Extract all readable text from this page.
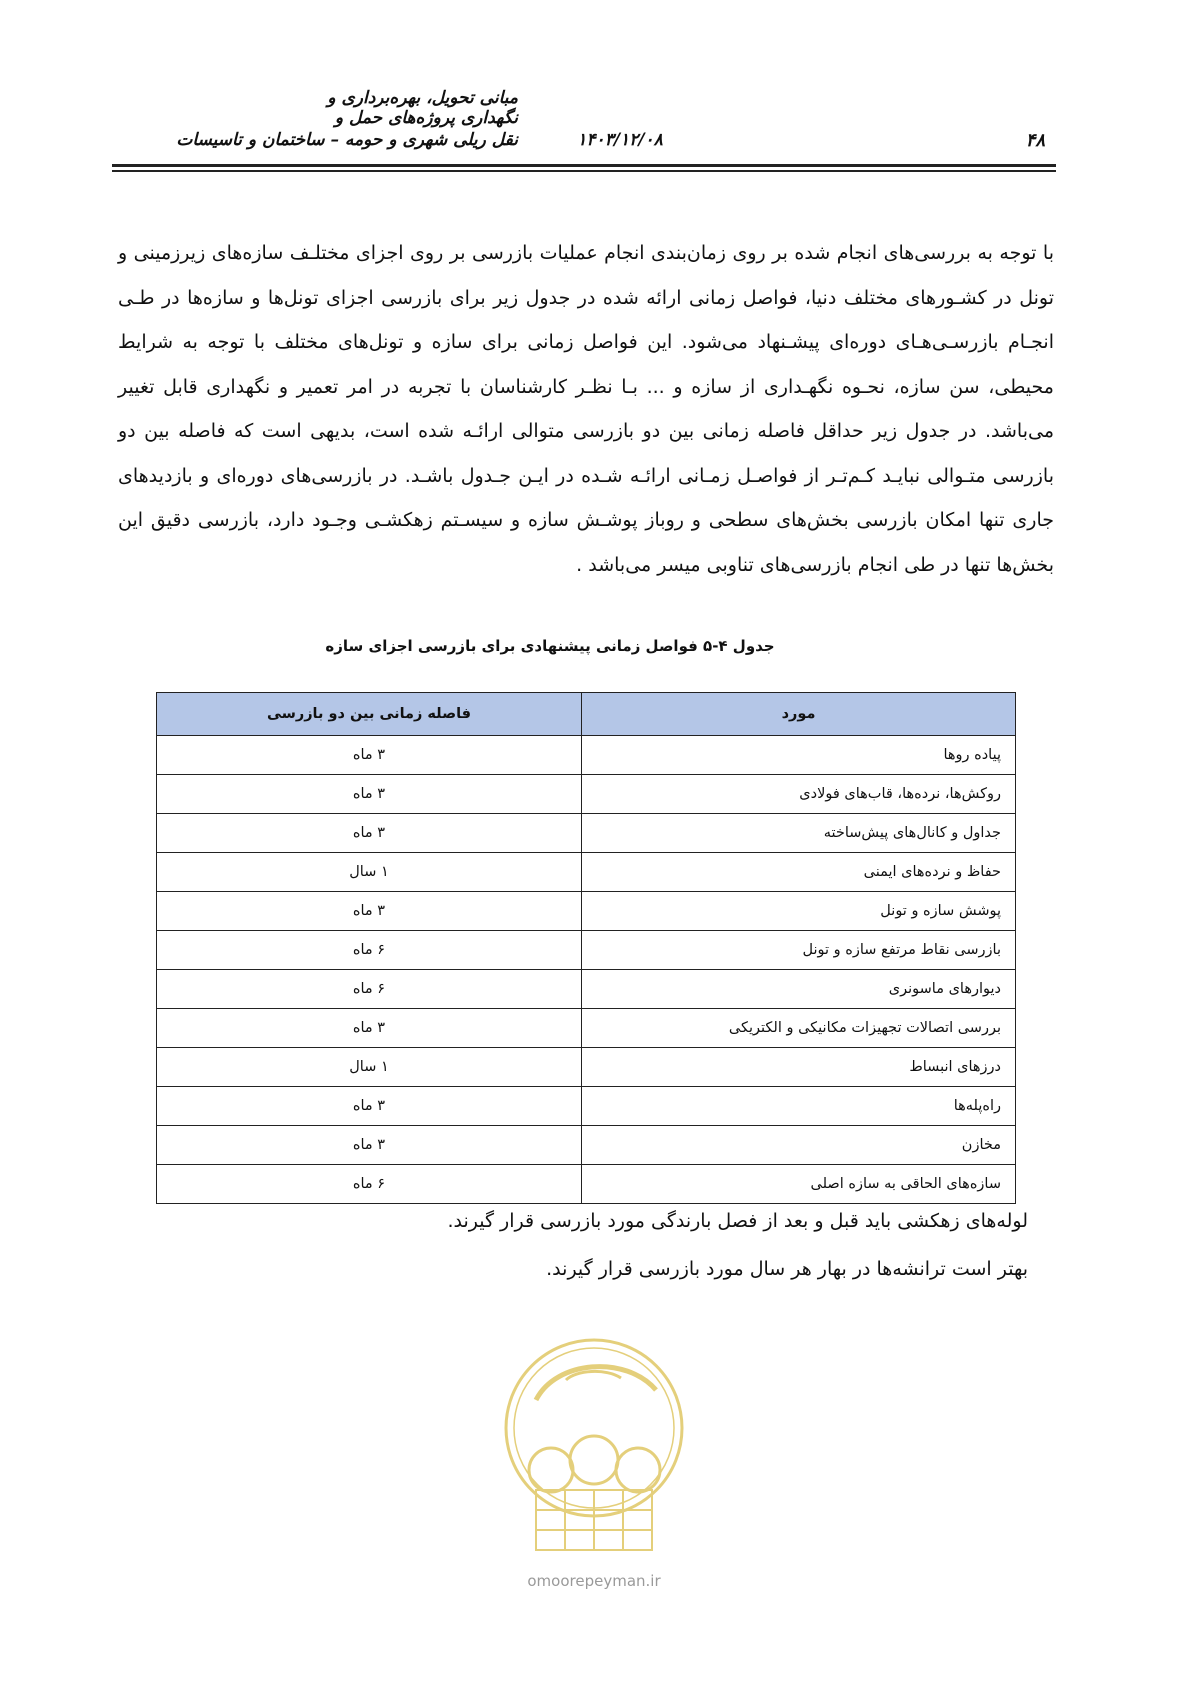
مبانی تحویل، بهره‌برداری و نگهداری پروژه‌های حمل و
نقل ریلی شهری و حومه – ساختمان و تاسیسات	۱۴۰۳/۱۲/۰۸	۴۸

با توجه به بررسی‌های انجام شده بر روی زمان‌بندی انجام عملیات بازرسی بر روی اجزای مختلـف سازه‌های زیرزمینی و تونل در کشـورهای مختلف دنیا، فواصل زمانی ارائه شده در جدول زیر برای بازرسی اجزای تونل‌ها و سازه‌ها در طـی انجـام بازرسـی‌هـای دوره‌ای پیشـنهاد می‌شود. این فواصل زمانی برای سازه و تونل‌های مختلف با توجه به شرایط محیطی، سن سازه، نحـوه نگهـداری از سازه و ... بـا نظـر کارشناسان با تجربه در امر تعمیر و نگهداری قابل تغییر می‌باشد. در جدول زیر حداقل فاصله زمانی بین دو بازرسی متوالی ارائـه شده است، بدیهی است که فاصله بین دو بازرسی متـوالی نبایـد کـم‌تـر از فواصـل زمـانی ارائـه شـده در ایـن جـدول باشـد. در بازرسی‌های دوره‌ای و بازدیدهای جاری تنها امکان بازرسی بخش‌های سطحی و روباز پوشـش سازه و سیسـتم زهکشـی وجـود دارد، بازرسی دقیق این بخش‌ها تنها در طی انجام بازرسی‌های تناوبی میسر می‌باشد .

جدول ۴-۵ فواصل زمانی پیشنهادی برای بازرسی اجزای سازه
مورد	فاصله زمانی بین دو بازرسی
پیاده روها	۳ ماه
روکش‌ها، نرده‌ها، قاب‌های فولادی	۳ ماه
جداول و کانال‌های پیش‌ساخته	۳ ماه
حفاظ و نرده‌های ایمنی	۱ سال
پوشش سازه و تونل	۳ ماه
بازرسی نقاط مرتفع سازه و تونل	۶ ماه
دیوارهای ماسونری	۶ ماه
بررسی اتصالات تجهیزات مکانیکی و الکتریکی	۳ ماه
درزهای انبساط	۱ سال
راه‌پله‌ها	۳ ماه
مخازن	۳ ماه
سازه‌های الحاقی به سازه اصلی	۶ ماه
لوله‌های زهکشی باید قبل و بعد از فصل بارندگی مورد بازرسی قرار گیرند.
بهتر است ترانشه‌ها در بهار هر سال مورد بازرسی قرار گیرند.
omoorepeyman.ir
